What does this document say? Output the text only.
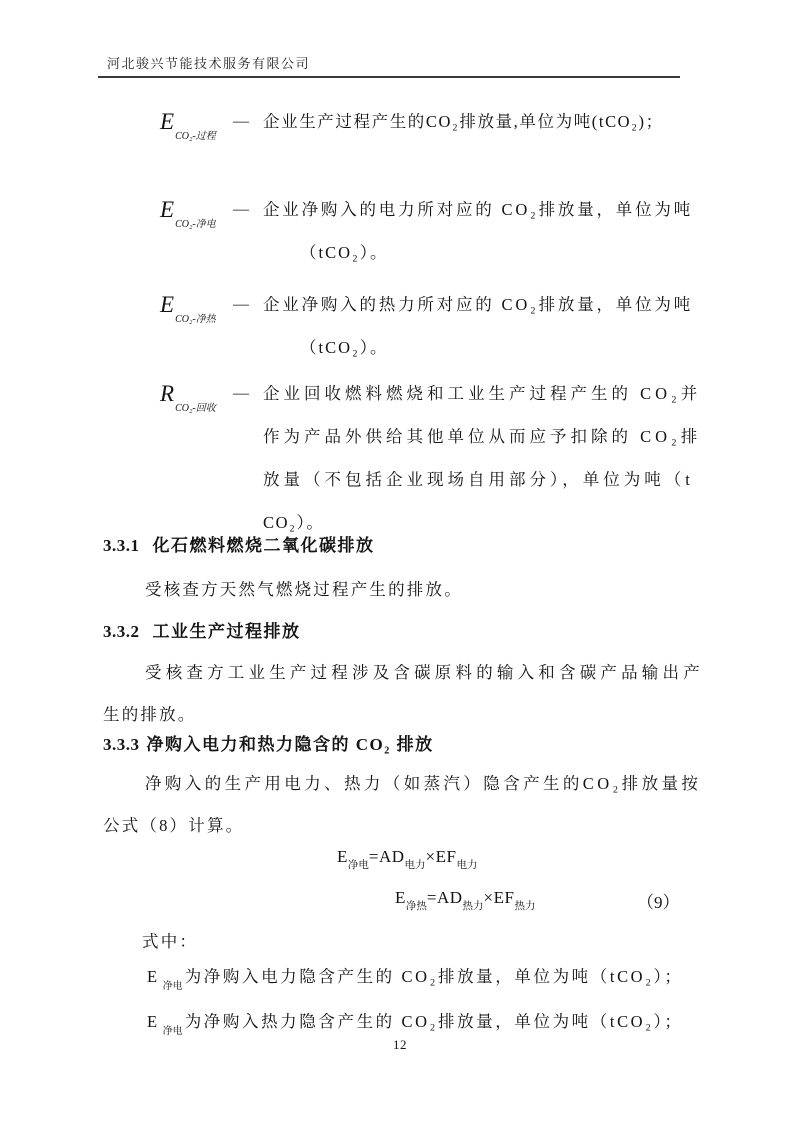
河北骏兴节能技术服务有限公司
$E_{CO_2-过程}$
— 企业生产过程产生的CO₂排放量,单位为吨(tCO₂)；
$E_{CO_2-净电}$
— 企业净购入的电力所对应的 CO₂排放量，单位为吨
（tCO₂）。
$E_{CO_2-净热}$
— 企业净购入的热力所对应的 CO₂排放量，单位为吨
（tCO₂）。
$R_{CO_2-回收}$
— 企业回收燃料燃烧和工业生产过程产生的 CO₂并
作为产品外供给其他单位从而应予扣除的 CO₂排
放量（不包括企业现场自用部分），单位为吨（t
CO₂）。
3.3.1 化石燃料燃烧二氧化碳排放
受核查方天然气燃烧过程产生的排放。
3.3.2 工业生产过程排放
受核查方工业生产过程涉及含碳原料的输入和含碳产品输出产
生的排放。
3.3.3 净购入电力和热力隐含的 CO₂ 排放
净购入的生产用电力、热力（如蒸汽）隐含产生的CO₂排放量按
公式（8）计算。
$E_{净电}=AD_{电力}\times EF_{电力}$
$E_{净热}=AD_{热力}\times EF_{热力}$	（9）
式中：
$E_{净电}$为净购入电力隐含产生的 CO₂排放量，单位为吨（tCO₂）；
$E_{净电}$为净购入热力隐含产生的 CO₂排放量，单位为吨（tCO₂）；
12
